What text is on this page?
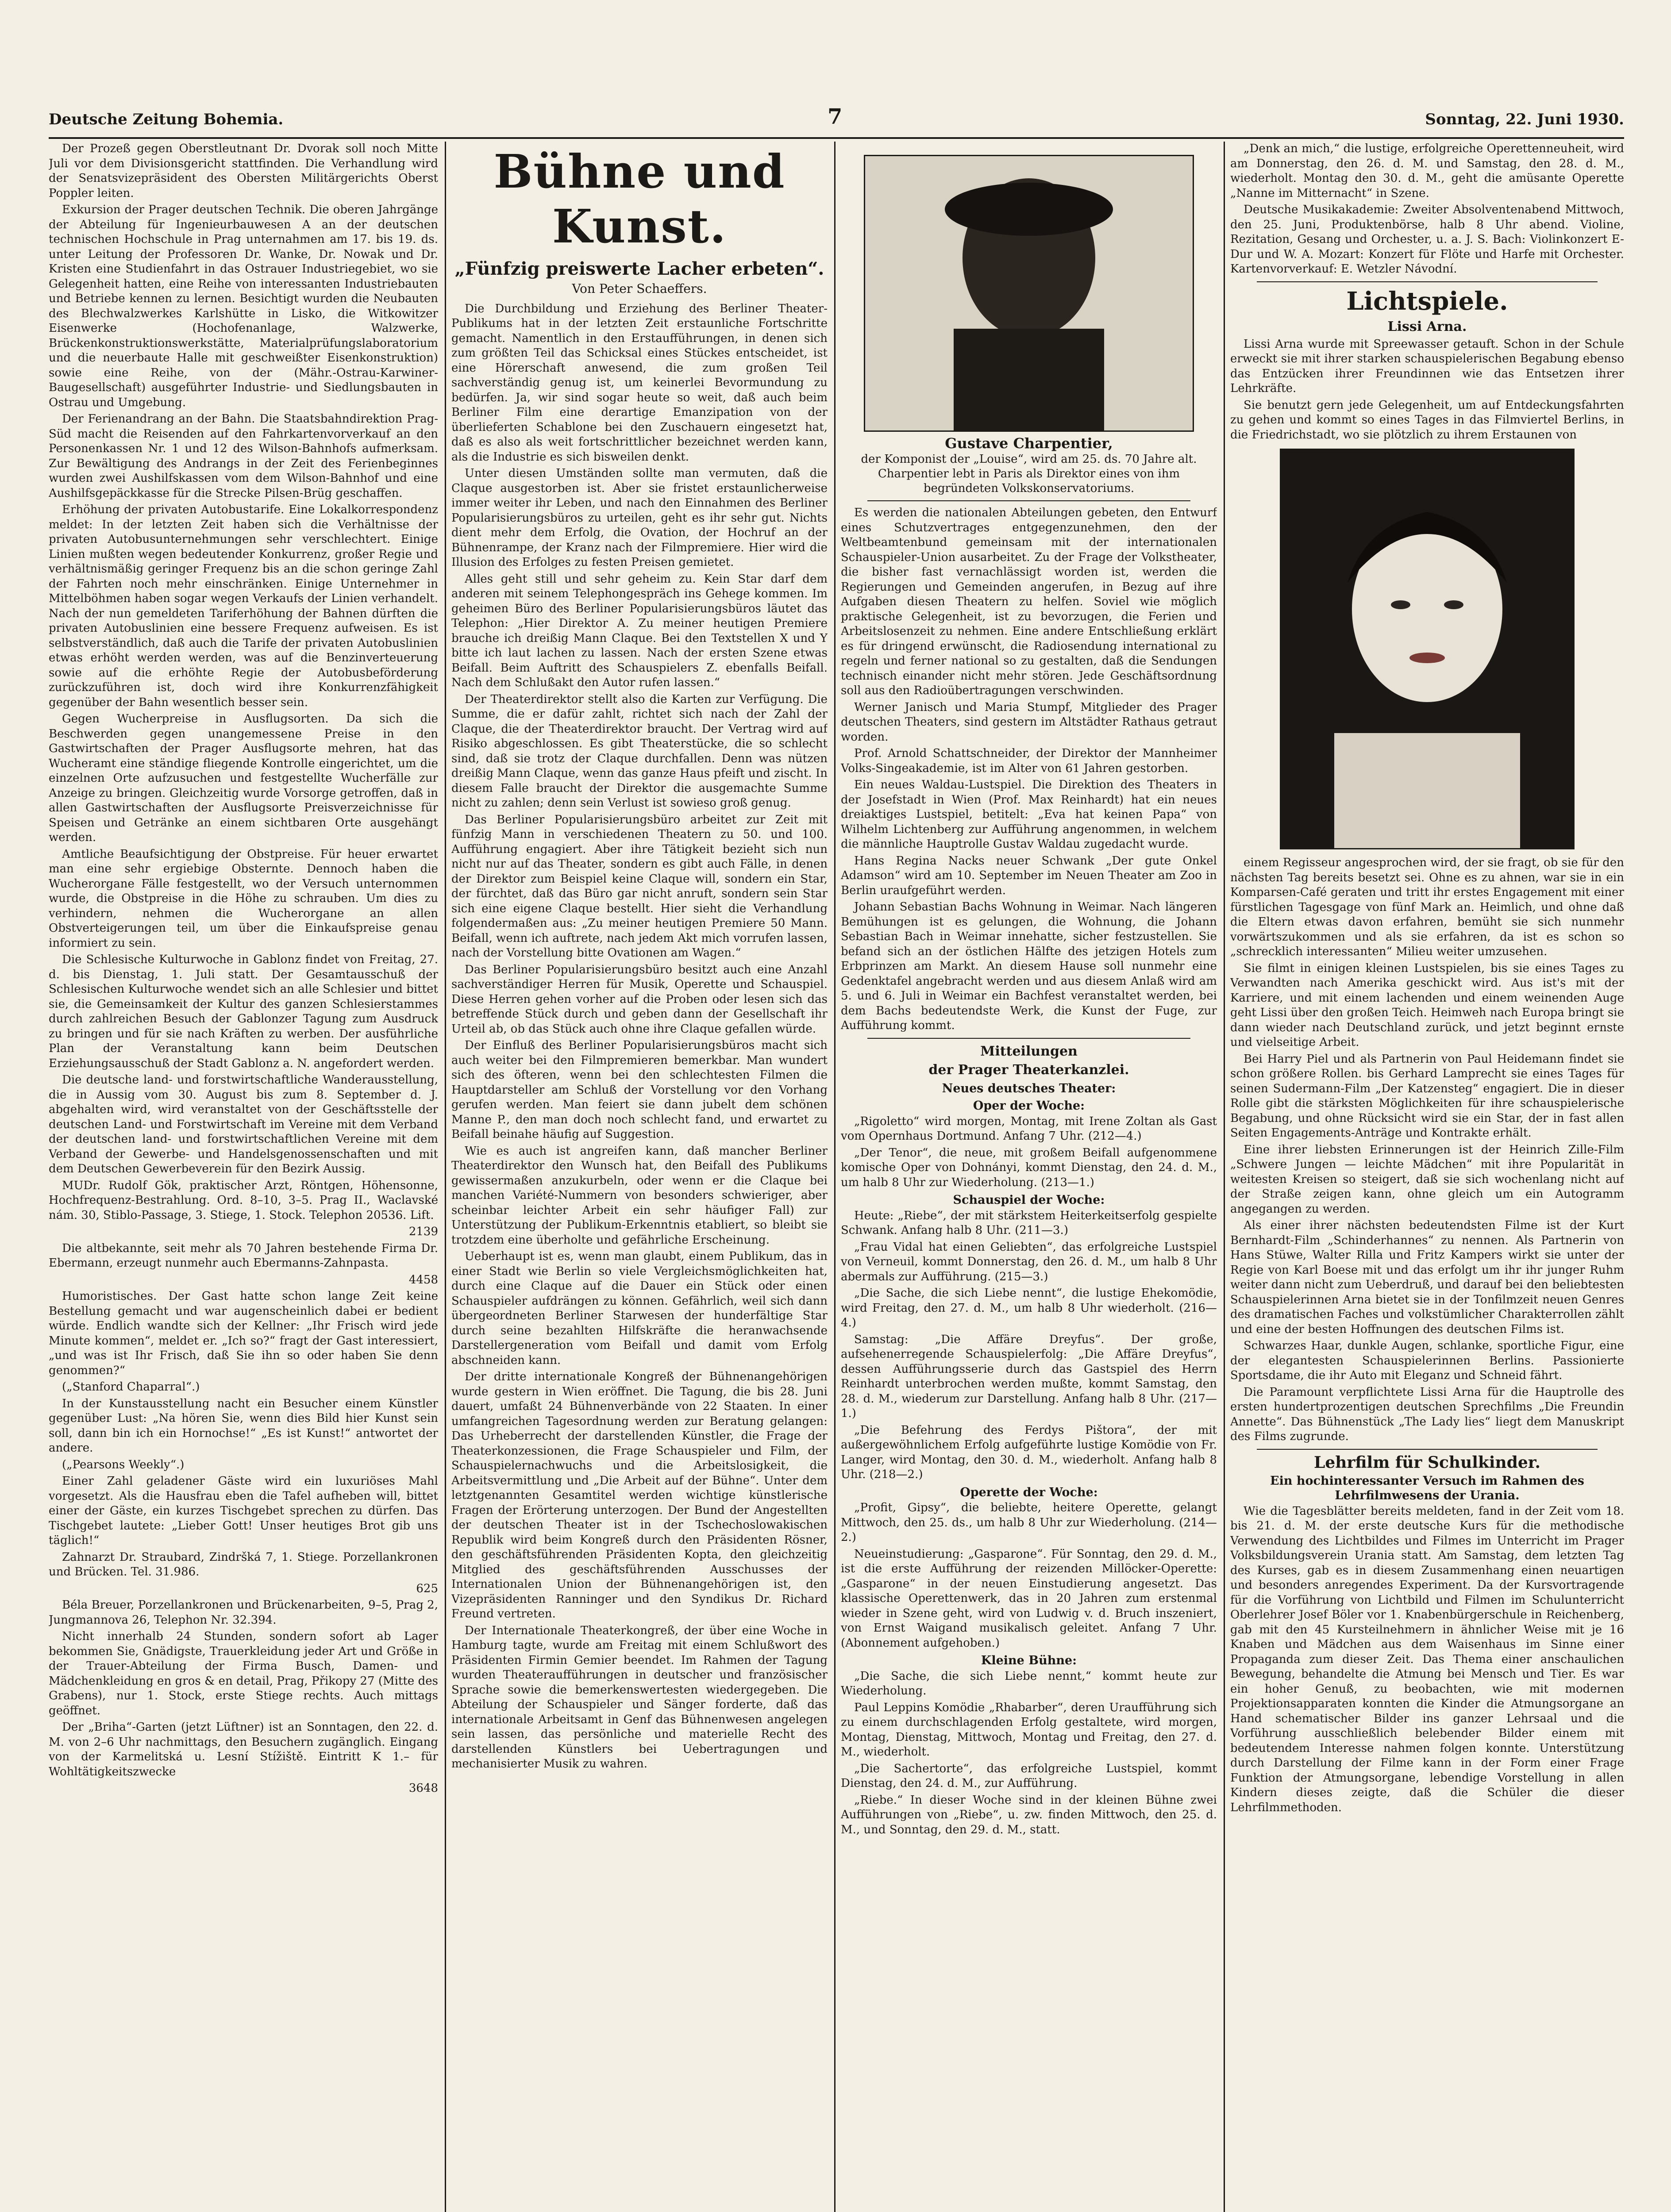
Deutsche Zeitung Bohemia.	7	Sonntag, 22. Juni 1930.

Der Prozeß gegen Oberstleutnant Dr. Dvorak soll noch Mitte Juli vor dem Divisionsgericht stattfinden. Die Verhandlung wird der Senatsvizepräsident des Obersten Militärgerichts Oberst Poppler leiten.

Exkursion der Prager deutschen Technik. Die oberen Jahrgänge der Abteilung für Ingenieurbauwesen A an der deutschen technischen Hochschule in Prag unternahmen am 17. bis 19. ds. unter Leitung der Professoren Dr. Wanke, Dr. Nowak und Dr. Kristen eine Studienfahrt in das Ostrauer Industriegebiet, wo sie Gelegenheit hatten, eine Reihe von interessanten Industriebauten und Betriebe kennen zu lernen. Besichtigt wurden die Neubauten des Blechwalzwerkes Karlshütte in Lisko, die Witkowitzer Eisenwerke (Hochofenanlage, Walzwerke, Brückenkonstruktionswerkstätte, Materialprüfungslaboratorium und die neuerbaute Halle mit geschweißter Eisenkonstruktion) sowie eine Reihe, von der (Mähr.-Ostrau-Karwiner-Baugesellschaft) ausgeführter Industrie- und Siedlungsbauten in Ostrau und Umgebung.

Der Ferienandrang an der Bahn. Die Staatsbahndirektion Prag-Süd macht die Reisenden auf den Fahrkartenvorverkauf an den Personenkassen Nr. 1 und 12 des Wilson-Bahnhofs aufmerksam. Zur Bewältigung des Andrangs in der Zeit des Ferienbeginnes wurden zwei Aushilfskassen vom dem Wilson-Bahnhof und eine Aushilfsgepäckkasse für die Strecke Pilsen-Brüg geschaffen.

Erhöhung der privaten Autobustarife. Eine Lokalkorrespondenz meldet: In der letzten Zeit haben sich die Verhältnisse der privaten Autobusunternehmungen sehr verschlechtert. Einige Linien mußten wegen bedeutender Konkurrenz, großer Regie und verhältnismäßig geringer Frequenz bis an die schon geringe Zahl der Fahrten noch mehr einschränken. Einige Unternehmer in Mittelböhmen haben sogar wegen Verkaufs der Linien verhandelt. Nach der nun gemeldeten Tariferhöhung der Bahnen dürften die privaten Autobuslinien eine bessere Frequenz aufweisen. Es ist selbstverständlich, daß auch die Tarife der privaten Autobuslinien etwas erhöht werden werden, was auf die Benzinverteuerung sowie auf die erhöhte Regie der Autobusbeförderung zurückzuführen ist, doch wird ihre Konkurrenzfähigkeit gegenüber der Bahn wesentlich besser sein.

Gegen Wucherpreise in Ausflugsorten. Da sich die Beschwerden gegen unangemessene Preise in den Gastwirtschaften der Prager Ausflugsorte mehren, hat das Wucheramt eine ständige fliegende Kontrolle eingerichtet, um die einzelnen Orte aufzusuchen und festgestellte Wucherfälle zur Anzeige zu bringen. Gleichzeitig wurde Vorsorge getroffen, daß in allen Gastwirtschaften der Ausflugsorte Preisverzeichnisse für Speisen und Getränke an einem sichtbaren Orte ausgehängt werden.

Amtliche Beaufsichtigung der Obstpreise. Für heuer erwartet man eine sehr ergiebige Obsternte. Dennoch haben die Wucherorgane Fälle festgestellt, wo der Versuch unternommen wurde, die Obstpreise in die Höhe zu schrauben. Um dies zu verhindern, nehmen die Wucherorgane an allen Obstverteigerungen teil, um über die Einkaufspreise genau informiert zu sein.

Die Schlesische Kulturwoche in Gablonz findet von Freitag, 27. d. bis Dienstag, 1. Juli statt. Der Gesamtausschuß der Schlesischen Kulturwoche wendet sich an alle Schlesier und bittet sie, die Gemeinsamkeit der Kultur des ganzen Schlesierstammes durch zahlreichen Besuch der Gablonzer Tagung zum Ausdruck zu bringen und für sie nach Kräften zu werben. Der ausführliche Plan der Veranstaltung kann beim Deutschen Erziehungsausschuß der Stadt Gablonz a. N. angefordert werden.

Die deutsche land- und forstwirtschaftliche Wanderausstellung, die in Aussig vom 30. August bis zum 8. September d. J. abgehalten wird, wird veranstaltet von der Geschäftsstelle der deutschen Land- und Forstwirtschaft im Vereine mit dem Verband der deutschen land- und forstwirtschaftlichen Vereine mit dem Verband der Gewerbe- und Handelsgenossenschaften und mit dem Deutschen Gewerbeverein für den Bezirk Aussig.

MUDr. Rudolf Gök, praktischer Arzt, Röntgen, Höhensonne, Hochfrequenz-Bestrahlung. Ord. 8–10, 3–5. Prag II., Waclavské nám. 30, Stiblo-Passage, 3. Stiege, 1. Stock. Telephon 20536. Lift.

2139

Die altbekannte, seit mehr als 70 Jahren bestehende Firma Dr. Ebermann, erzeugt nunmehr auch Ebermanns-Zahnpasta.

4458

Humoristisches. Der Gast hatte schon lange Zeit keine Bestellung gemacht und war augenscheinlich dabei er bedient würde. Endlich wandte sich der Kellner: „Ihr Frisch wird jede Minute kommen“, meldet er. „Ich so?“ fragt der Gast interessiert, „und was ist Ihr Frisch, daß Sie ihn so oder haben Sie denn genommen?“

(„Stanford Chaparral“.)

In der Kunstausstellung nacht ein Besucher einem Künstler gegenüber Lust: „Na hören Sie, wenn dies Bild hier Kunst sein soll, dann bin ich ein Hornochse!“ „Es ist Kunst!“ antwortet der andere.

(„Pearsons Weekly“.)

Einer Zahl geladener Gäste wird ein luxuriöses Mahl vorgesetzt. Als die Hausfrau eben die Tafel aufheben will, bittet einer der Gäste, ein kurzes Tischgebet sprechen zu dürfen. Das Tischgebet lautete: „Lieber Gott! Unser heutiges Brot gib uns täglich!“

Zahnarzt Dr. Straubard, Zindršká 7, 1. Stiege. Porzellankronen und Brücken. Tel. 31.986.

625

Béla Breuer, Porzellankronen und Brückenarbeiten, 9–5, Prag 2, Jungmannova 26, Telephon Nr. 32.394.

Nicht innerhalb 24 Stunden, sondern sofort ab Lager bekommen Sie, Gnädigste, Trauerkleidung jeder Art und Größe in der Trauer-Abteilung der Firma Busch, Damen- und Mädchenkleidung en gros & en detail, Prag, Přikopy 27 (Mitte des Grabens), nur 1. Stock, erste Stiege rechts. Auch mittags geöffnet.

Der „Briha“-Garten (jetzt Lüftner) ist an Sonntagen, den 22. d. M. von 2–6 Uhr nachmittags, den Besuchern zugänglich. Eingang von der Karmelitská u. Lesní Stížiště. Eintritt K 1.– für Wohltätigkeitszwecke

3648

Bühne und Kunst.
„Fünfzig preiswerte Lacher erbeten“.
Von Peter Schaeffers.

Die Durchbildung und Erziehung des Berliner Theater-Publikums hat in der letzten Zeit erstaunliche Fortschritte gemacht. Namentlich in den Erstaufführungen, in denen sich zum größten Teil das Schicksal eines Stückes entscheidet, ist eine Hörerschaft anwesend, die zum großen Teil sachverständig genug ist, um keinerlei Bevormundung zu bedürfen. Ja, wir sind sogar heute so weit, daß auch beim Berliner Film eine derartige Emanzipation von der überlieferten Schablone bei den Zuschauern eingesetzt hat, daß es also als weit fortschrittlicher bezeichnet werden kann, als die Industrie es sich bisweilen denkt.

Unter diesen Umständen sollte man vermuten, daß die Claque ausgestorben ist. Aber sie fristet erstaunlicherweise immer weiter ihr Leben, und nach den Einnahmen des Berliner Popularisierungsbüros zu urteilen, geht es ihr sehr gut. Nichts dient mehr dem Erfolg, die Ovation, der Hochruf an der Bühnenrampe, der Kranz nach der Filmpremiere. Hier wird die Illusion des Erfolges zu festen Preisen gemietet.

Alles geht still und sehr geheim zu. Kein Star darf dem anderen mit seinem Telephongespräch ins Gehege kommen. Im geheimen Büro des Berliner Popularisierungsbüros läutet das Telephon: „Hier Direktor A. Zu meiner heutigen Premiere brauche ich dreißig Mann Claque. Bei den Textstellen X und Y bitte ich laut lachen zu lassen. Nach der ersten Szene etwas Beifall. Beim Auftritt des Schauspielers Z. ebenfalls Beifall. Nach dem Schlußakt den Autor rufen lassen.“

Der Theaterdirektor stellt also die Karten zur Verfügung. Die Summe, die er dafür zahlt, richtet sich nach der Zahl der Claque, die der Theaterdirektor braucht. Der Vertrag wird auf Risiko abgeschlossen. Es gibt Theaterstücke, die so schlecht sind, daß sie trotz der Claque durchfallen. Denn was nützen dreißig Mann Claque, wenn das ganze Haus pfeift und zischt. In diesem Falle braucht der Direktor die ausgemachte Summe nicht zu zahlen; denn sein Verlust ist sowieso groß genug.

Das Berliner Popularisierungsbüro arbeitet zur Zeit mit fünfzig Mann in verschiedenen Theatern zu 50. und 100. Aufführung engagiert. Aber ihre Tätigkeit bezieht sich nun nicht nur auf das Theater, sondern es gibt auch Fälle, in denen der Direktor zum Beispiel keine Claque will, sondern ein Star, der fürchtet, daß das Büro gar nicht anruft, sondern sein Star sich eine eigene Claque bestellt. Hier sieht die Verhandlung folgendermaßen aus: „Zu meiner heutigen Premiere 50 Mann. Beifall, wenn ich auftrete, nach jedem Akt mich vorrufen lassen, nach der Vorstellung bitte Ovationen am Wagen.“

Das Berliner Popularisierungsbüro besitzt auch eine Anzahl sachverständiger Herren für Musik, Operette und Schauspiel. Diese Herren gehen vorher auf die Proben oder lesen sich das betreffende Stück durch und geben dann der Gesellschaft ihr Urteil ab, ob das Stück auch ohne ihre Claque gefallen würde.

Der Einfluß des Berliner Popularisierungsbüros macht sich auch weiter bei den Filmpremieren bemerkbar. Man wundert sich des öfteren, wenn bei den schlechtesten Filmen die Hauptdarsteller am Schluß der Vorstellung vor den Vorhang gerufen werden. Man feiert sie dann jubelt dem schönen Manne P., den man doch noch schlecht fand, und erwartet zu Beifall beinahe häufig auf Suggestion.

Wie es auch ist angreifen kann, daß mancher Berliner Theaterdirektor den Wunsch hat, den Beifall des Publikums gewissermaßen anzukurbeln, oder wenn er die Claque bei manchen Variété-Nummern von besonders schwieriger, aber scheinbar leichter Arbeit ein sehr häufiger Fall) zur Unterstützung der Publikum-Erkenntnis etabliert, so bleibt sie trotzdem eine überholte und gefährliche Erscheinung.

Ueberhaupt ist es, wenn man glaubt, einem Publikum, das in einer Stadt wie Berlin so viele Vergleichsmöglichkeiten hat, durch eine Claque auf die Dauer ein Stück oder einen Schauspieler aufdrängen zu können. Gefährlich, weil sich dann übergeordneten Berliner Starwesen der hunderfältige Star durch seine bezahlten Hilfskräfte die heranwachsende Darstellergeneration vom Beifall und damit vom Erfolg abschneiden kann.

Der dritte internationale Kongreß der Bühnenangehörigen wurde gestern in Wien eröffnet. Die Tagung, die bis 28. Juni dauert, umfaßt 24 Bühnenverbände von 22 Staaten. In einer umfangreichen Tagesordnung werden zur Beratung gelangen: Das Urheberrecht der darstellenden Künstler, die Frage der Theaterkonzessionen, die Frage Schauspieler und Film, der Schauspielernachwuchs und die Arbeitslosigkeit, die Arbeitsvermittlung und „Die Arbeit auf der Bühne“. Unter dem letztgenannten Gesamtitel werden wichtige künstlerische Fragen der Erörterung unterzogen. Der Bund der Angestellten der deutschen Theater ist in der Tschechoslowakischen Republik wird beim Kongreß durch den Präsidenten Rösner, den geschäftsführenden Präsidenten Kopta, den gleichzeitig Mitglied des geschäftsführenden Ausschusses der Internationalen Union der Bühnenangehörigen ist, den Vizepräsidenten Ranninger und den Syndikus Dr. Richard Freund vertreten.

Der Internationale Theaterkongreß, der über eine Woche in Hamburg tagte, wurde am Freitag mit einem Schlußwort des Präsidenten Firmin Gemier beendet. Im Rahmen der Tagung wurden Theateraufführungen in deutscher und französischer Sprache sowie die bemerkenswertesten wiedergegeben. Die Abteilung der Schauspieler und Sänger forderte, daß das internationale Arbeitsamt in Genf das Bühnenwesen angelegen sein lassen, das persönliche und materielle Recht des darstellenden Künstlers bei Uebertragungen und mechanisierter Musik zu wahren.

Gustave Charpentier,
der Komponist der „Louise“, wird am 25. ds. 70 Jahre alt. Charpentier lebt in Paris als Direktor eines von ihm begründeten Volkskonservatoriums.

Es werden die nationalen Abteilungen gebeten, den Entwurf eines Schutzvertrages entgegenzunehmen, den der Weltbeamtenbund gemeinsam mit der internationalen Schauspieler-Union ausarbeitet. Zu der Frage der Volkstheater, die bisher fast vernachlässigt worden ist, werden die Regierungen und Gemeinden angerufen, in Bezug auf ihre Aufgaben diesen Theatern zu helfen. Soviel wie möglich praktische Gelegenheit, ist zu bevorzugen, die Ferien und Arbeitslosenzeit zu nehmen. Eine andere Entschließung erklärt es für dringend erwünscht, die Radiosendung international zu regeln und ferner national so zu gestalten, daß die Sendungen technisch einander nicht mehr stören. Jede Geschäftsordnung soll aus den Radioübertragungen verschwinden.

Werner Janisch und Maria Stumpf, Mitglieder des Prager deutschen Theaters, sind gestern im Altstädter Rathaus getraut worden.

Prof. Arnold Schattschneider, der Direktor der Mannheimer Volks-Singeakademie, ist im Alter von 61 Jahren gestorben.

Ein neues Waldau-Lustspiel. Die Direktion des Theaters in der Josefstadt in Wien (Prof. Max Reinhardt) hat ein neues dreiaktiges Lustspiel, betitelt: „Eva hat keinen Papa“ von Wilhelm Lichtenberg zur Aufführung angenommen, in welchem die männliche Hauptrolle Gustav Waldau zugedacht wurde.

Hans Regina Nacks neuer Schwank „Der gute Onkel Adamson“ wird am 10. September im Neuen Theater am Zoo in Berlin uraufgeführt werden.

Johann Sebastian Bachs Wohnung in Weimar. Nach längeren Bemühungen ist es gelungen, die Wohnung, die Johann Sebastian Bach in Weimar innehatte, sicher festzustellen. Sie befand sich an der östlichen Hälfte des jetzigen Hotels zum Erbprinzen am Markt. An diesem Hause soll nunmehr eine Gedenktafel angebracht werden und aus diesem Anlaß wird am 5. und 6. Juli in Weimar ein Bachfest veranstaltet werden, bei dem Bachs bedeutendste Werk, die Kunst der Fuge, zur Aufführung kommt.

Mitteilungen
der Prager Theaterkanzlei.
Neues deutsches Theater:
Oper der Woche:

„Rigoletto“ wird morgen, Montag, mit Irene Zoltan als Gast vom Opernhaus Dortmund. Anfang 7 Uhr. (212—4.)

„Der Tenor“, die neue, mit großem Beifall aufgenommene komische Oper von Dohnányi, kommt Dienstag, den 24. d. M., um halb 8 Uhr zur Wiederholung. (213—1.)

Schauspiel der Woche:

Heute: „Riebe“, der mit stärkstem Heiterkeitserfolg gespielte Schwank. Anfang halb 8 Uhr. (211—3.)

„Frau Vidal hat einen Geliebten“, das erfolgreiche Lustspiel von Verneuil, kommt Donnerstag, den 26. d. M., um halb 8 Uhr abermals zur Aufführung. (215—3.)

„Die Sache, die sich Liebe nennt“, die lustige Ehekomödie, wird Freitag, den 27. d. M., um halb 8 Uhr wiederholt. (216—4.)

Samstag: „Die Affäre Dreyfus“. Der große, aufsehenerregende Schauspielerfolg: „Die Affäre Dreyfus“, dessen Aufführungsserie durch das Gastspiel des Herrn Reinhardt unterbrochen werden mußte, kommt Samstag, den 28. d. M., wiederum zur Darstellung. Anfang halb 8 Uhr. (217—1.)

„Die Befehrung des Ferdys Pištora“, der mit außergewöhnlichem Erfolg aufgeführte lustige Komödie von Fr. Langer, wird Montag, den 30. d. M., wiederholt. Anfang halb 8 Uhr. (218—2.)

Operette der Woche:

„Profit, Gipsy“, die beliebte, heitere Operette, gelangt Mittwoch, den 25. ds., um halb 8 Uhr zur Wiederholung. (214—2.)

Neueinstudierung: „Gasparone“. Für Sonntag, den 29. d. M., ist die erste Aufführung der reizenden Millöcker-Operette: „Gasparone“ in der neuen Einstudierung angesetzt. Das klassische Operettenwerk, das in 20 Jahren zum erstenmal wieder in Szene geht, wird von Ludwig v. d. Bruch inszeniert, von Ernst Waigand musikalisch geleitet. Anfang 7 Uhr. (Abonnement aufgehoben.)

Kleine Bühne:

„Die Sache, die sich Liebe nennt,“ kommt heute zur Wiederholung.

Paul Leppins Komödie „Rhabarber“, deren Uraufführung sich zu einem durchschlagenden Erfolg gestaltete, wird morgen, Montag, Dienstag, Mittwoch, Montag und Freitag, den 27. d. M., wiederholt.

„Die Sachertorte“, das erfolgreiche Lustspiel, kommt Dienstag, den 24. d. M., zur Aufführung.

„Riebe.“ In dieser Woche sind in der kleinen Bühne zwei Aufführungen von „Riebe“, u. zw. finden Mittwoch, den 25. d. M., und Sonntag, den 29. d. M., statt.

„Denk an mich,“ die lustige, erfolgreiche Operettenneuheit, wird am Donnerstag, den 26. d. M. und Samstag, den 28. d. M., wiederholt. Montag den 30. d. M., geht die amüsante Operette „Nanne im Mitternacht“ in Szene.

Deutsche Musikakademie: Zweiter Absolventenabend Mittwoch, den 25. Juni, Produktenbörse, halb 8 Uhr abend. Violine, Rezitation, Gesang und Orchester, u. a. J. S. Bach: Violinkonzert E-Dur und W. A. Mozart: Konzert für Flöte und Harfe mit Orchester. Kartenvorverkauf: E. Wetzler Návodní.

Lichtspiele.
Lissi Arna.

Lissi Arna wurde mit Spreewasser getauft. Schon in der Schule erweckt sie mit ihrer starken schauspielerischen Begabung ebenso das Entzücken ihrer Freundinnen wie das Entsetzen ihrer Lehrkräfte.

Sie benutzt gern jede Gelegenheit, um auf Entdeckungsfahrten zu gehen und kommt so eines Tages in das Filmviertel Berlins, in die Friedrichstadt, wo sie plötzlich zu ihrem Erstaunen von

einem Regisseur angesprochen wird, der sie fragt, ob sie für den nächsten Tag bereits besetzt sei. Ohne es zu ahnen, war sie in ein Komparsen-Café geraten und tritt ihr erstes Engagement mit einer fürstlichen Tagesgage von fünf Mark an. Heimlich, und ohne daß die Eltern etwas davon erfahren, bemüht sie sich nunmehr vorwärtszukommen und als sie erfahren, da ist es schon so „schrecklich interessanten“ Milieu weiter umzusehen.

Sie filmt in einigen kleinen Lustspielen, bis sie eines Tages zu Verwandten nach Amerika geschickt wird. Aus ist's mit der Karriere, und mit einem lachenden und einem weinenden Auge geht Lissi über den großen Teich. Heimweh nach Europa bringt sie dann wieder nach Deutschland zurück, und jetzt beginnt ernste und vielseitige Arbeit.

Bei Harry Piel und als Partnerin von Paul Heidemann findet sie schon größere Rollen. bis Gerhard Lamprecht sie eines Tages für seinen Sudermann-Film „Der Katzensteg“ engagiert. Die in dieser Rolle gibt die stärksten Möglichkeiten für ihre schauspielerische Begabung, und ohne Rücksicht wird sie ein Star, der in fast allen Seiten Engagements-Anträge und Kontrakte erhält.

Eine ihrer liebsten Erinnerungen ist der Heinrich Zille-Film „Schwere Jungen — leichte Mädchen“ mit ihre Popularität in weitesten Kreisen so steigert, daß sie sich wochenlang nicht auf der Straße zeigen kann, ohne gleich um ein Autogramm angegangen zu werden.

Als einer ihrer nächsten bedeutendsten Filme ist der Kurt Bernhardt-Film „Schinderhannes“ zu nennen. Als Partnerin von Hans Stüwe, Walter Rilla und Fritz Kampers wirkt sie unter der Regie von Karl Boese mit und das erfolgt um ihr ihr junger Ruhm weiter dann nicht zum Ueberdruß, und darauf bei den beliebtesten Schauspielerinnen Arna bietet sie in der Tonfilmzeit neuen Genres des dramatischen Faches und volkstümlicher Charakterrollen zählt und eine der besten Hoffnungen des deutschen Films ist.

Schwarzes Haar, dunkle Augen, schlanke, sportliche Figur, eine der elegantesten Schauspielerinnen Berlins. Passionierte Sportsdame, die ihr Auto mit Eleganz und Schneid fährt.

Die Paramount verpflichtete Lissi Arna für die Hauptrolle des ersten hundertprozentigen deutschen Sprechfilms „Die Freundin Annette“. Das Bühnenstück „The Lady lies“ liegt dem Manuskript des Films zugrunde.

Lehrfilm für Schulkinder.
Ein hochinteressanter Versuch im Rahmen des Lehrfilmwesens der Urania.

Wie die Tagesblätter bereits meldeten, fand in der Zeit vom 18. bis 21. d. M. der erste deutsche Kurs für die methodische Verwendung des Lichtbildes und Filmes im Unterricht im Prager Volksbildungsverein Urania statt. Am Samstag, dem letzten Tag des Kurses, gab es in diesem Zusammenhang einen neuartigen und besonders anregendes Experiment. Da der Kursvortragende für die Vorführung von Lichtbild und Filmen im Schulunterricht Oberlehrer Josef Böler vor 1. Knabenbürgerschule in Reichenberg, gab mit den 45 Kursteilnehmern in ähnlicher Weise mit je 16 Knaben und Mädchen aus dem Waisenhaus im Sinne einer Propaganda zum dieser Zeit. Das Thema einer anschaulichen Bewegung, behandelte die Atmung bei Mensch und Tier. Es war ein hoher Genuß, zu beobachten, wie mit modernen Projektionsapparaten konnten die Kinder die Atmungsorgane an Hand schematischer Bilder ins ganzer Lehrsaal und die Vorführung ausschließlich belebender Bilder einem mit bedeutendem Interesse nahmen folgen konnte. Unterstützung durch Darstellung der Filme kann in der Form einer Frage Funktion der Atmungsorgane, lebendige Vorstellung in allen Kindern dieses zeigte, daß die Schüler die dieser Lehrfilmmethoden.
